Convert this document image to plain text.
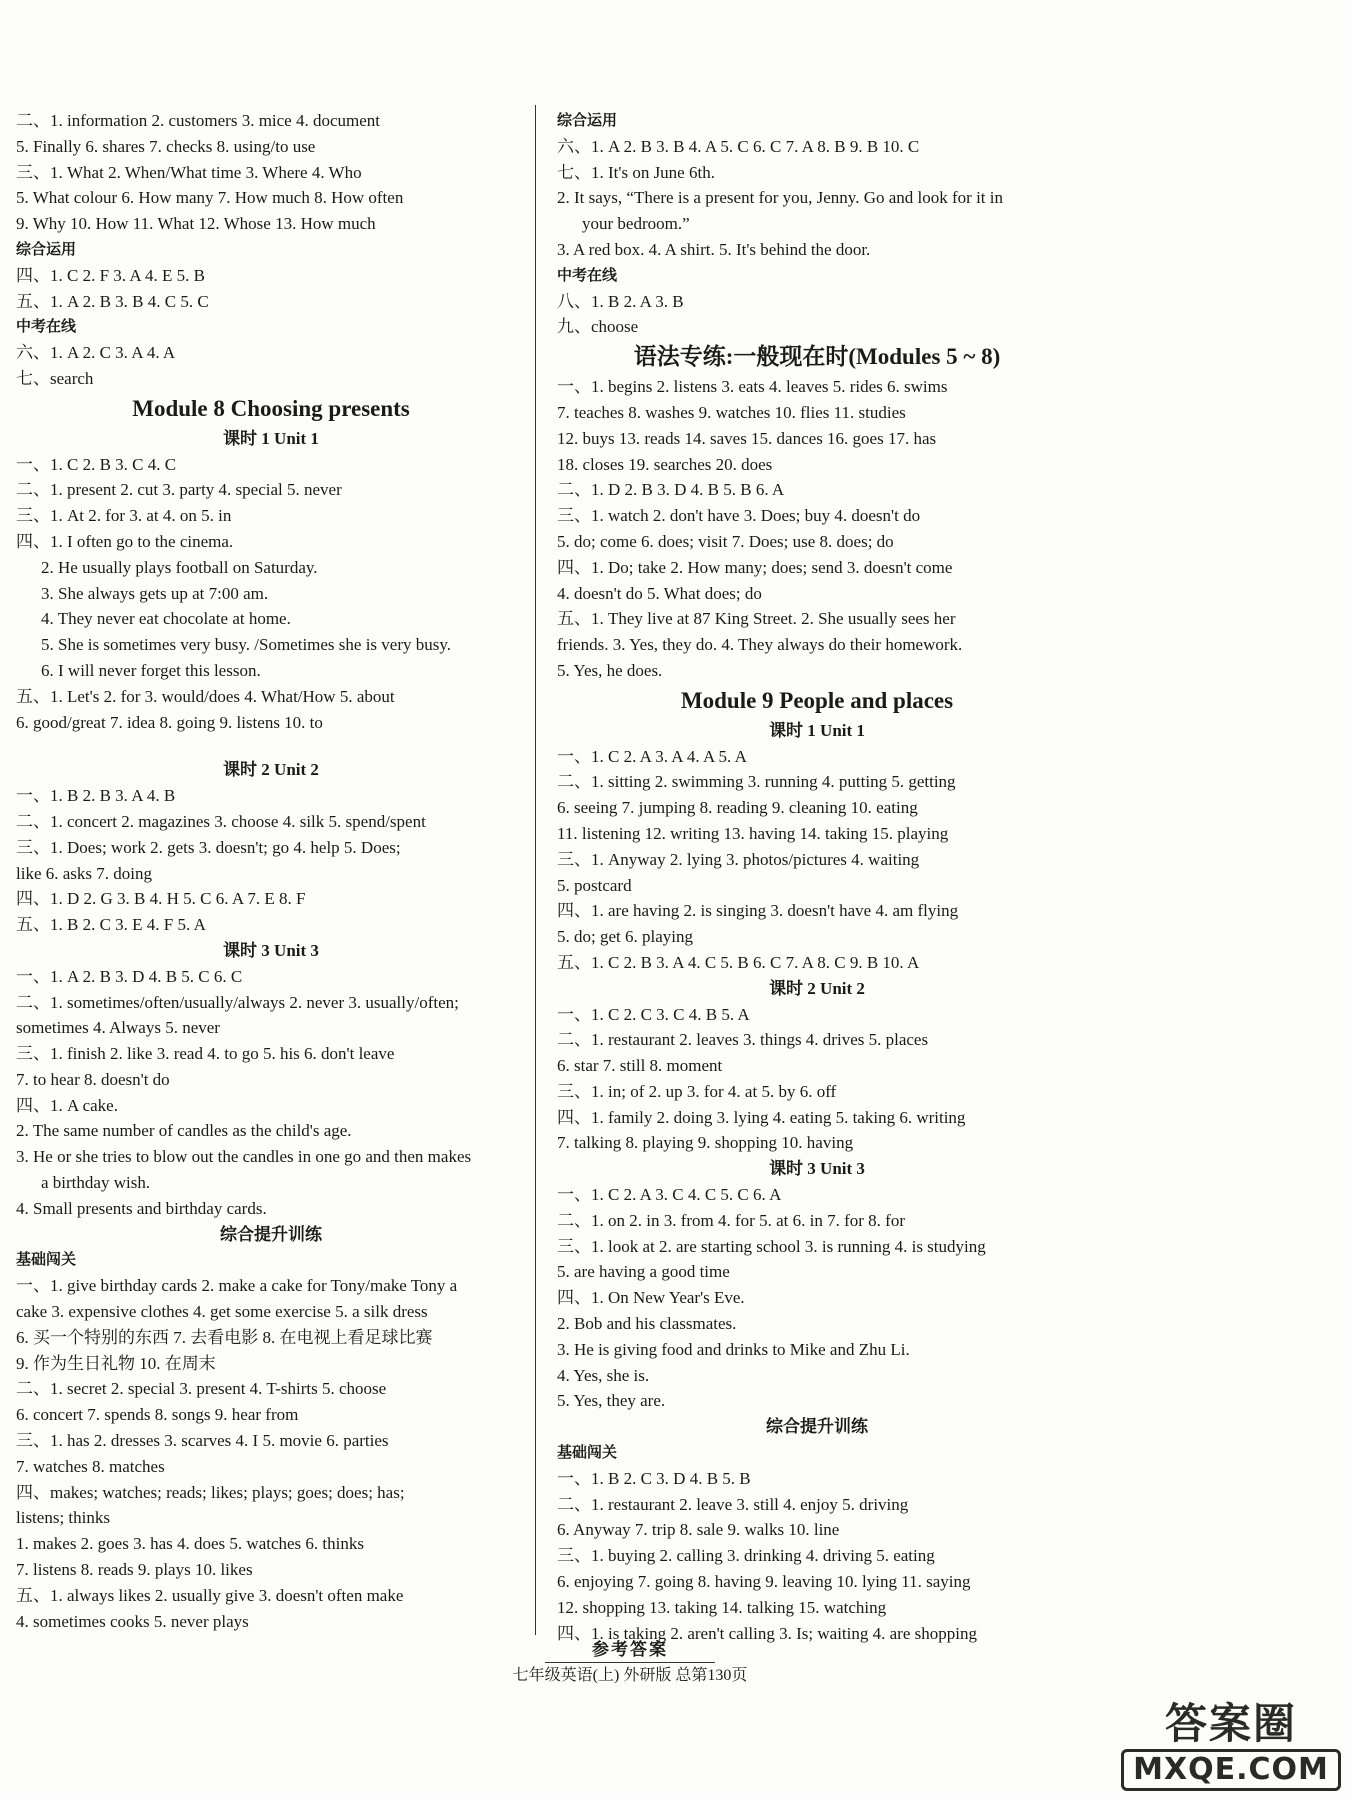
二、1. information 2. customers 3. mice 4. document
5. Finally 6. shares 7. checks 8. using/to use
三、1. What 2. When/What time 3. Where 4. Who
5. What colour 6. How many 7. How much 8. How often
9. Why 10. How 11. What 12. Whose 13. How much
综合运用
四、1. C 2. F 3. A 4. E 5. B
五、1. A 2. B 3. B 4. C 5. C
中考在线
六、1. A 2. C 3. A 4. A
七、search
Module 8 Choosing presents
课时 1 Unit 1
一、1. C 2. B 3. C 4. C
二、1. present 2. cut 3. party 4. special 5. never
三、1. At 2. for 3. at 4. on 5. in
四、1. I often go to the cinema.
2. He usually plays football on Saturday.
3. She always gets up at 7:00 am.
4. They never eat chocolate at home.
5. She is sometimes very busy. /Sometimes she is very busy.
6. I will never forget this lesson.
五、1. Let's 2. for 3. would/does 4. What/How 5. about
6. good/great 7. idea 8. going 9. listens 10. to
课时 2 Unit 2
一、1. B 2. B 3. A 4. B
二、1. concert 2. magazines 3. choose 4. silk 5. spend/spent
三、1. Does; work 2. gets 3. doesn't; go 4. help 5. Does;
like 6. asks 7. doing
四、1. D 2. G 3. B 4. H 5. C 6. A 7. E 8. F
五、1. B 2. C 3. E 4. F 5. A
课时 3 Unit 3
一、1. A 2. B 3. D 4. B 5. C 6. C
二、1. sometimes/often/usually/always 2. never 3. usually/often;
sometimes 4. Always 5. never
三、1. finish 2. like 3. read 4. to go 5. his 6. don't leave
7. to hear 8. doesn't do
四、1. A cake.
2. The same number of candles as the child's age.
3. He or she tries to blow out the candles in one go and then makes
a birthday wish.
4. Small presents and birthday cards.
综合提升训练
基础闯关
一、1. give birthday cards 2. make a cake for Tony/make Tony a
cake 3. expensive clothes 4. get some exercise 5. a silk dress
6. 买一个特别的东西 7. 去看电影 8. 在电视上看足球比赛
9. 作为生日礼物 10. 在周末
二、1. secret 2. special 3. present 4. T-shirts 5. choose
6. concert 7. spends 8. songs 9. hear from
三、1. has 2. dresses 3. scarves 4. I 5. movie 6. parties
7. watches 8. matches
四、makes; watches; reads; likes; plays; goes; does; has;
listens; thinks
1. makes 2. goes 3. has 4. does 5. watches 6. thinks
7. listens 8. reads 9. plays 10. likes
五、1. always likes 2. usually give 3. doesn't often make
4. sometimes cooks 5. never plays
综合运用
六、1. A 2. B 3. B 4. A 5. C 6. C 7. A 8. B 9. B 10. C
七、1. It's on June 6th.
2. It says, “There is a present for you, Jenny. Go and look for it in
your bedroom.”
3. A red box. 4. A shirt. 5. It's behind the door.
中考在线
八、1. B 2. A 3. B
九、choose
语法专练:一般现在时(Modules 5 ~ 8)
一、1. begins 2. listens 3. eats 4. leaves 5. rides 6. swims
7. teaches 8. washes 9. watches 10. flies 11. studies
12. buys 13. reads 14. saves 15. dances 16. goes 17. has
18. closes 19. searches 20. does
二、1. D 2. B 3. D 4. B 5. B 6. A
三、1. watch 2. don't have 3. Does; buy 4. doesn't do
5. do; come 6. does; visit 7. Does; use 8. does; do
四、1. Do; take 2. How many; does; send 3. doesn't come
4. doesn't do 5. What does; do
五、1. They live at 87 King Street. 2. She usually sees her
friends. 3. Yes, they do. 4. They always do their homework.
5. Yes, he does.
Module 9 People and places
课时 1 Unit 1
一、1. C 2. A 3. A 4. A 5. A
二、1. sitting 2. swimming 3. running 4. putting 5. getting
6. seeing 7. jumping 8. reading 9. cleaning 10. eating
11. listening 12. writing 13. having 14. taking 15. playing
三、1. Anyway 2. lying 3. photos/pictures 4. waiting
5. postcard
四、1. are having 2. is singing 3. doesn't have 4. am flying
5. do; get 6. playing
五、1. C 2. B 3. A 4. C 5. B 6. C 7. A 8. C 9. B 10. A
课时 2 Unit 2
一、1. C 2. C 3. C 4. B 5. A
二、1. restaurant 2. leaves 3. things 4. drives 5. places
6. star 7. still 8. moment
三、1. in; of 2. up 3. for 4. at 5. by 6. off
四、1. family 2. doing 3. lying 4. eating 5. taking 6. writing
7. talking 8. playing 9. shopping 10. having
课时 3 Unit 3
一、1. C 2. A 3. C 4. C 5. C 6. A
二、1. on 2. in 3. from 4. for 5. at 6. in 7. for 8. for
三、1. look at 2. are starting school 3. is running 4. is studying
5. are having a good time
四、1. On New Year's Eve.
2. Bob and his classmates.
3. He is giving food and drinks to Mike and Zhu Li.
4. Yes, she is.
5. Yes, they are.
综合提升训练
基础闯关
一、1. B 2. C 3. D 4. B 5. B
二、1. restaurant 2. leave 3. still 4. enjoy 5. driving
6. Anyway 7. trip 8. sale 9. walks 10. line
三、1. buying 2. calling 3. drinking 4. driving 5. eating
6. enjoying 7. going 8. having 9. leaving 10. lying 11. saying
12. shopping 13. taking 14. talking 15. watching
四、1. is taking 2. aren't calling 3. Is; waiting 4. are shopping
参考答案
七年级英语(上) 外研版 总第130页
答案圈
MXQE.COM
